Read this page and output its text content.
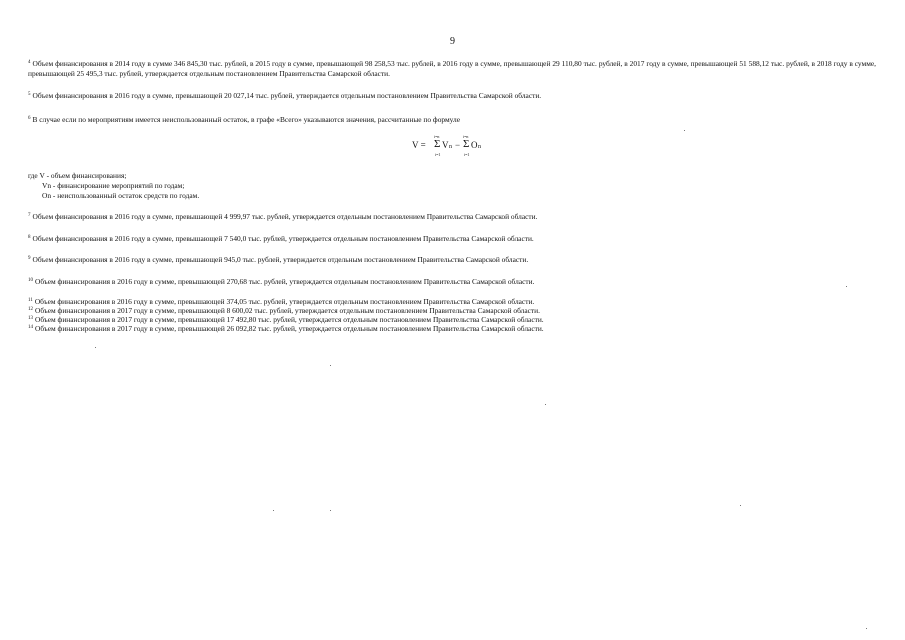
9
$^4$ Объем финансирования в 2014 году в сумме 346 845,30 тыс. рублей, в 2015 году в сумме, превышающей 98 258,53 тыс. рублей, в 2016 году в сумме, превышающей 29 110,80 тыс. рублей, в 2017 году в сумме, превышающей 51 588,12 тыс. рублей, в 2018 году в сумме, превышающей 25 495,3 тыс. рублей, утверждается отдельным постановлением Правительства Самарской области.
$^5$ Объем финансирования в 2016 году в сумме, превышающей 20 027,14 тыс. рублей, утверждается отдельным постановлением Правительства Самарской области.
$^6$ В случае если по мероприятиям имеется неиспользованный остаток, в графе «Всего» указываются значения, рассчитанные по формуле
V =
i=n
Σ
i=1
V n −
i=n
Σ
i=1
O n
где V - объем финансирования;
Vn - финансирование мероприятий по годам;
On - неиспользованный остаток средств по годам.
$^7$ Объем финансирования в 2016 году в сумме, превышающей 4 999,97 тыс. рублей, утверждается отдельным постановлением Правительства Самарской области.
$^8$ Объем финансирования в 2016 году в сумме, превышающей 7 540,0 тыс. рублей, утверждается отдельным постановлением Правительства Самарской области.
$^9$ Объем финансирования в 2016 году в сумме, превышающей 945,0 тыс. рублей, утверждается отдельным постановлением Правительства Самарской области.
$^{10}$ Объем финансирования в 2016 году в сумме, превышающей 270,68 тыс. рублей, утверждается отдельным постановлением Правительства Самарской области.
$^{11}$ Объем финансирования в 2016 году в сумме, превышающей 374,05 тыс. рублей, утверждается отдельным постановлением Правительства Самарской области.
$^{12}$ Объем финансирования в 2017 году в сумме, превышающей 8 600,02 тыс. рублей, утверждается отдельным постановлением Правительства Самарской области.
$^{13}$ Объем финансирования в 2017 году в сумме, превышающей 17 492,80 тыс. рублей, утверждается отдельным постановлением Правительства Самарской области.
$^{14}$ Объем финансирования в 2017 году в сумме, превышающей 26 092,82 тыс. рублей, утверждается отдельным постановлением Правительства Самарской области.
